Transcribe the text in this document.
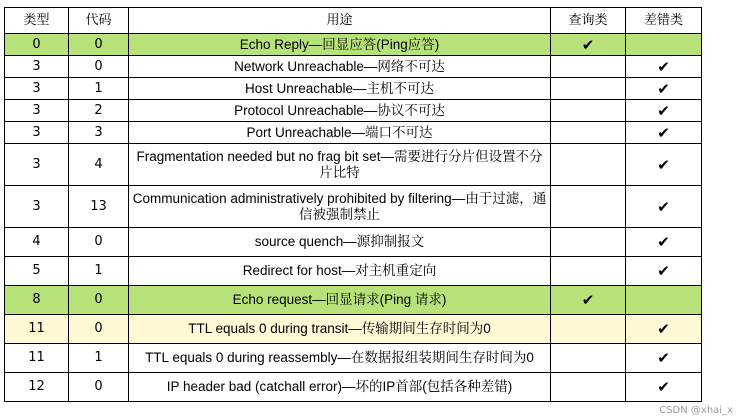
类型	代码	用途	查询类	差错类
0	0	Echo Reply—回显应答(Ping应答)	✔	
3	0	Network Unreachable—网络不可达		✔
3	1	Host Unreachable—主机不可达		✔
3	2	Protocol Unreachable—协议不可达		✔
3	3	Port Unreachable—端口不可达		✔
3	4	Fragmentation needed but no frag bit set—需要进行分片但设置不分片比特		✔
3	13	Communication administratively prohibited by filtering—由于过滤，通信被强制禁止		✔
4	0	source quench—源抑制报文		✔
5	1	Redirect for host—对主机重定向		✔
8	0	Echo request—回显请求(Ping 请求)	✔	
11	0	TTL equals 0 during transit—传输期间生存时间为0		✔
11	1	TTL equals 0 during reassembly—在数据报组装期间生存时间为0		✔
12	0	IP header bad (catchall error)—坏的IP首部(包括各种差错)		✔
CSDN @xhai_x
